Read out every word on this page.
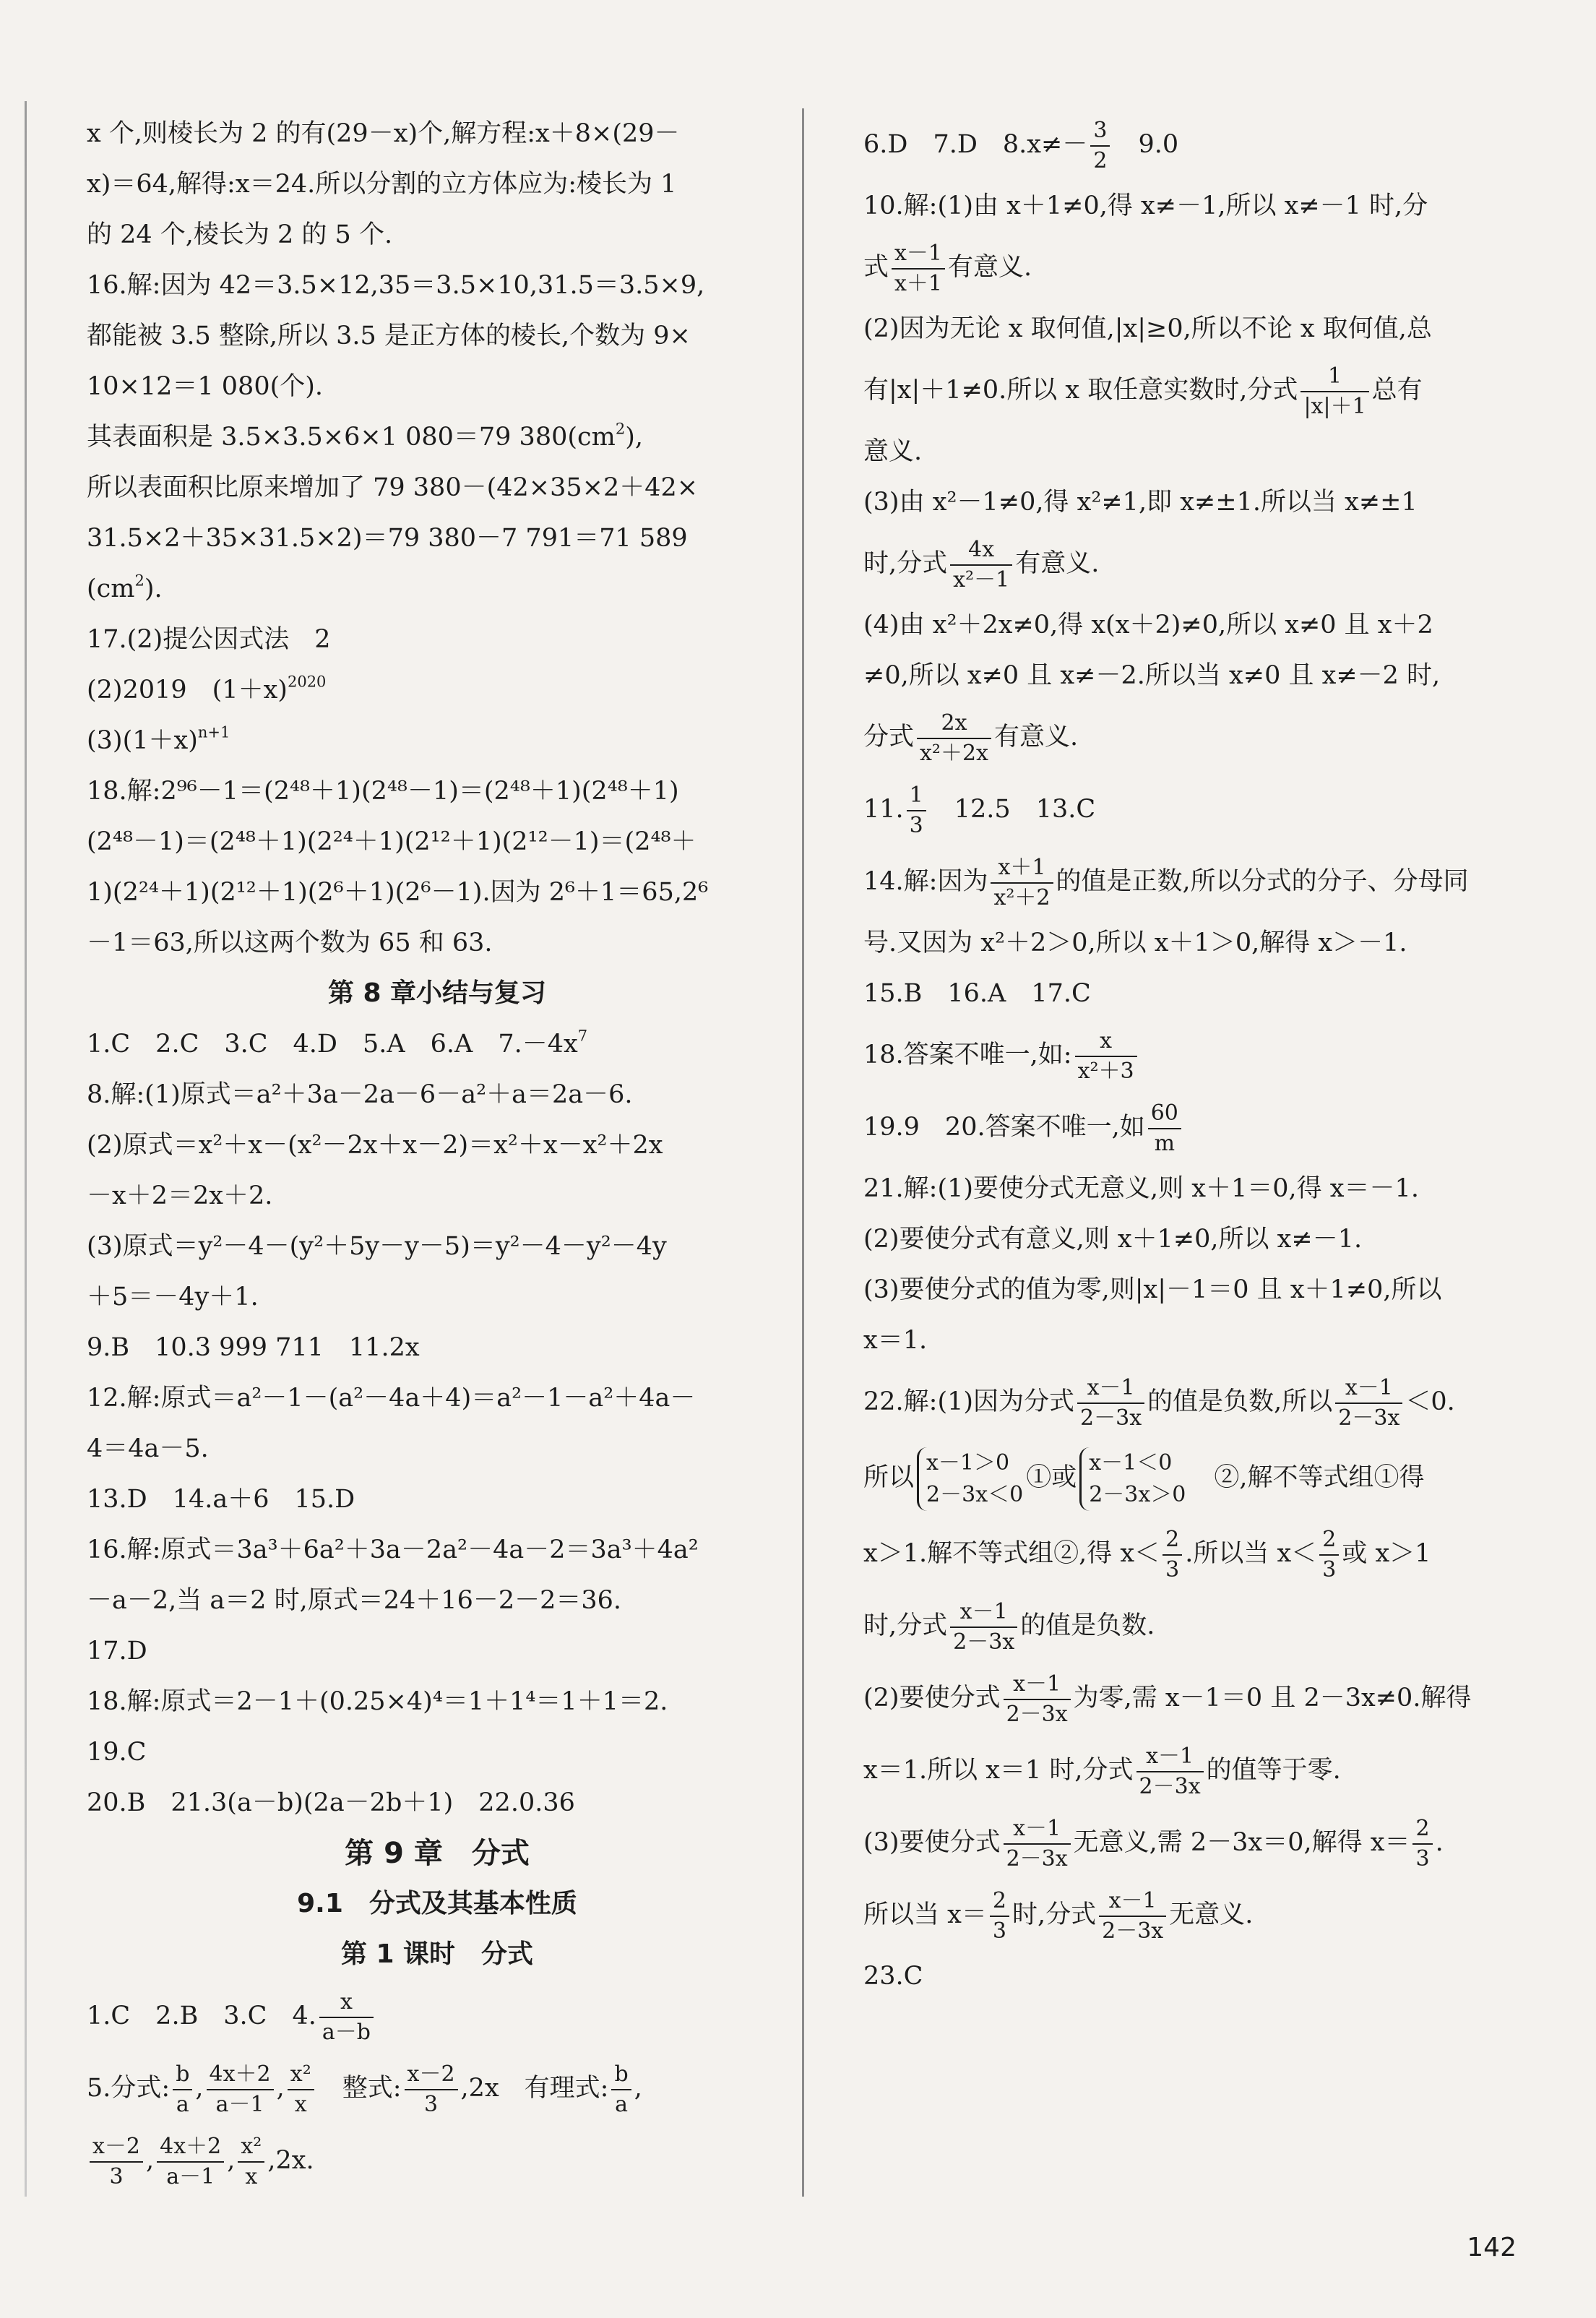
x 个,则棱长为 2 的有(29－x)个,解方程:x＋8×(29－
x)＝64,解得:x＝24.所以分割的立方体应为:棱长为 1
的 24 个,棱长为 2 的 5 个.
16.解:因为 42＝3.5×12,35＝3.5×10,31.5＝3.5×9,
都能被 3.5 整除,所以 3.5 是正方体的棱长,个数为 9×
10×12＝1 080(个).
其表面积是 3.5×3.5×6×1 080＝79 $380(cm^2)$,
所以表面积比原来增加了 79 380－(42×35×2＋42×
31.5×2＋35×31.5×2)＝79 380－7 791＝71 589
$(cm^2)$.
17.(2)提公因式法　2
(2)2019　$(1+x)^{2020}$
$(3)(1+x)^{n+1}$
18.解:2⁹⁶－1＝(2⁴⁸＋1)(2⁴⁸－1)＝(2⁴⁸＋1)(2⁴⁸＋1)
(2⁴⁸－1)＝(2⁴⁸＋1)(2²⁴＋1)(2¹²＋1)(2¹²－1)＝(2⁴⁸＋
1)(2²⁴＋1)(2¹²＋1)(2⁶＋1)(2⁶－1).因为 2⁶＋1＝65,2⁶
－1＝63,所以这两个数为 65 和 63.
第 8 章小结与复习
1.C　2.C　3.C　4.D　5.A　6.A　$7.-4x^7$
8.解:(1)原式＝a²＋3a－2a－6－a²＋a＝2a－6.
(2)原式＝x²＋x－(x²－2x＋x－2)＝x²＋x－x²＋2x
－x＋2＝2x＋2.
(3)原式＝y²－4－(y²＋5y－y－5)＝y²－4－y²－4y
＋5＝－4y＋1.
9.B　10.3 999 711　11.2x
12.解:原式＝a²－1－(a²－4a＋4)＝a²－1－a²＋4a－
4＝4a－5.
13.D　14.a＋6　15.D
16.解:原式＝3a³＋6a²＋3a－2a²－4a－2＝3a³＋4a²
－a－2,当 a＝2 时,原式＝24＋16－2－2＝36.
17.D
18.解:原式＝2－1＋(0.25×4)⁴＝1＋1⁴＝1＋1＝2.
19.C
20.B　21.3(a－b)(2a－2b＋1)　22.0.36
第 9 章　分式
9.1　分式及其基本性质
第 1 课时　分式
1.C　2.B　3.C　4. $\frac{x}{a-b}$
5.分式: $\frac{b}{a}$ , $\frac{4x+2}{a-1}$ , $\frac{\text{x²}}{x}$ 　整式: $\frac{x-2}{3} ,2x$　有理式: $\frac{b}{a}$ ,
$\frac{x-2}{3}$ , $\frac{4x+2}{a-1}$ , $\frac{\text{x²}}{x} ,2x$.
6.D　7.D　$8.x\ne- \frac{3}{2}$ 　9.0
10.解:(1)由 x＋1≠0,得 x≠－1,所以 x≠－1 时,分
式 $\frac{x-1}{x+1}$ 有意义.
(2)因为无论 x 取何值,|x|≥0,所以不论 x 取何值,总
有|x|＋1≠0.所以 x 取任意实数时,分式 $\frac{1}{|x|+1}$ 总有
意义.
(3)由 x²－1≠0,得 x²≠1,即 x≠±1.所以当 x≠±1
时,分式 $\frac{4x}{\text{x²－1}}$ 有意义.
(4)由 x²＋2x≠0,得 x(x＋2)≠0,所以 x≠0 且 x＋2
≠0,所以 x≠0 且 x≠－2.所以当 x≠0 且 x≠－2 时,
分式 $\frac{2x}{\text{x²＋2x}}$ 有意义.
11. $\frac{1}{3}$ 　12.5　13.C
14.解:因为 $\frac{x+1}{\text{x²＋2}}$ 的值是正数,所以分式的分子、分母同
号.又因为 x²＋2＞0,所以 x＋1＞0,解得 x＞－1.
15.B　16.A　17.C
18.答案不唯一,如: $\frac{x}{\text{x²＋3}}$
19.9　20.答案不唯一,如 $\frac{60}{m}$
21.解:(1)要使分式无意义,则 x＋1＝0,得 x＝－1.
(2)要使分式有意义,则 x＋1≠0,所以 x≠－1.
(3)要使分式的值为零,则|x|－1＝0 且 x＋1≠0,所以
x＝1.
22.解:(1)因为分式 $\frac{x-1}{2-3x}$ 的值是负数,所以 $\frac{x-1}{2-3x} <0$.
所以
x－1＞0
2－3x＜0
①或
x－1＜0
2－3x＞0
　②,解不等式组①得
x＞1.解不等式组②,得 $x< \frac{2}{3}$ .所以当 $x< \frac{2}{3}$ 或 x＞1
时,分式 $\frac{x-1}{2-3x}$ 的值是负数.
(2)要使分式 $\frac{x-1}{2-3x}$ 为零,需 x－1＝0 且 2－3x≠0.解得
x＝1.所以 x＝1 时,分式 $\frac{x-1}{2-3x}$ 的值等于零.
(3)要使分式 $\frac{x-1}{2-3x}$ 无意义,需 2－3x＝0,解得 $x= \frac{2}{3}$ .
所以当 $x= \frac{2}{3}$ 时,分式 $\frac{x-1}{2-3x}$ 无意义.
23.C
142
